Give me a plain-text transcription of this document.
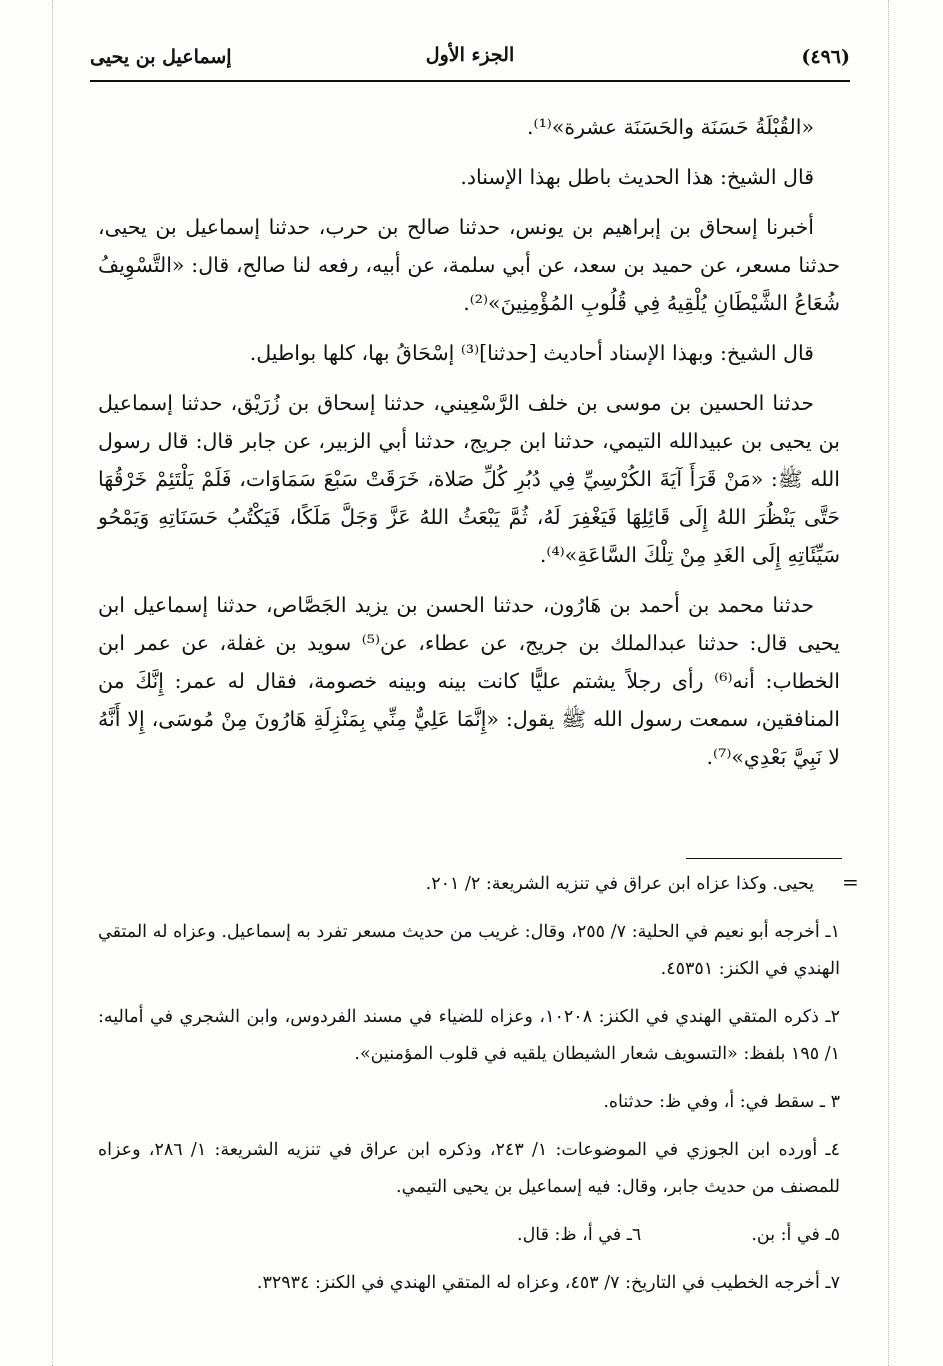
(٤٩٦)
الجزء الأول
إسماعيل بن يحيى

«القُبْلَةُ حَسَنَة والحَسَنَة عشرة»⁽¹⁾.

قال الشيخ: هذا الحديث باطل بهذا الإسناد.

أخبرنا إسحاق بن إبراهيم بن يونس، حدثنا صالح بن حرب، حدثنا إسماعيل بن يحيى، حدثنا مسعر، عن حميد بن سعد، عن أبي سلمة، عن أبيه، رفعه لنا صالح، قال: «التَّسْوِيفُ شُعَاعُ الشَّيْطَانِ يُلْقِيهُ فِي قُلُوبِ المُؤْمِنِينَ»⁽²⁾.

قال الشيخ: وبهذا الإسناد أحاديث [حدثنا]⁽³⁾ إسْحَاقُ بها، كلها بواطيل.

حدثنا الحسين بن موسى بن خلف الرَّسْعِيني، حدثنا إسحاق بن زُرَيْق، حدثنا إسماعيل بن يحيى بن عبيدالله التيمي، حدثنا ابن جريج، حدثنا أبي الزبير، عن جابر قال: قال رسول الله ﷺ: «مَنْ قَرَأَ آيَةَ الكُرْسِيِّ فِي دُبُرِ كُلِّ صَلاة، خَرَقَتْ سَبْعَ سَمَاوَات، فَلَمْ يَلْتَئِمْ خَرْقُهَا حَتَّى يَنْظُرَ اللهُ إِلَى قَائِلِهَا فَيَغْفِرَ لَهُ، ثُمَّ يَبْعَثُ اللهُ عَزَّ وَجَلَّ مَلَكًا، فَيَكْتُبُ حَسَنَاتِهِ وَيَمْحُو سَيِّئَاتِهِ إِلَى الغَدِ مِنْ تِلْكَ السَّاعَةِ»⁽⁴⁾.

حدثنا محمد بن أحمد بن هَارُون، حدثنا الحسن بن يزيد الجَصَّاص، حدثنا إسماعيل ابن يحيى قال: حدثنا عبدالملك بن جريج، عن عطاء، عن⁽⁵⁾ سويد بن غفلة، عن عمر ابن الخطاب: أنه⁽⁶⁾ رأى رجلاً يشتم عليًّا كانت بينه وبينه خصومة، فقال له عمر: إِنَّكَ من المنافقين، سمعت رسول الله ﷺ يقول: «إِنَّمَا عَلِيٌّ مِنِّي بِمَنْزِلَةِ هَارُونَ مِنْ مُوسَى، إِلا أَنَّهُ لا نَبِيَّ بَعْدِي»⁽⁷⁾.

=

يحيى. وكذا عزاه ابن عراق في تنزيه الشريعة: ٢/ ٢٠١.

١ـ أخرجه أبو نعيم في الحلية: ٧/ ٢٥٥، وقال: غريب من حديث مسعر تفرد به إسماعيل. وعزاه له المتقي الهندي في الكنز: ٤٥٣٥١.

٢ـ ذكره المتقي الهندي في الكنز: ١٠٢٠٨، وعزاه للضياء في مسند الفردوس، وابن الشجري في أماليه: ١/ ١٩٥ بلفظ: «التسويف شعار الشيطان يلقيه في قلوب المؤمنين».

٣ ـ سقط في: أ، وفي ظ: حدثناه.

٤ـ أورده ابن الجوزي في الموضوعات: ١/ ٢٤٣، وذكره ابن عراق في تنزيه الشريعة: ١/ ٢٨٦، وعزاه للمصنف من حديث جابر، وقال: فيه إسماعيل بن يحيى التيمي.

٥ـ في أ: بن.
٦ـ في أ، ظ: قال.

٧ـ أخرجه الخطيب في التاريخ: ٧/ ٤٥٣، وعزاه له المتقي الهندي في الكنز: ٣٢٩٣٤.
